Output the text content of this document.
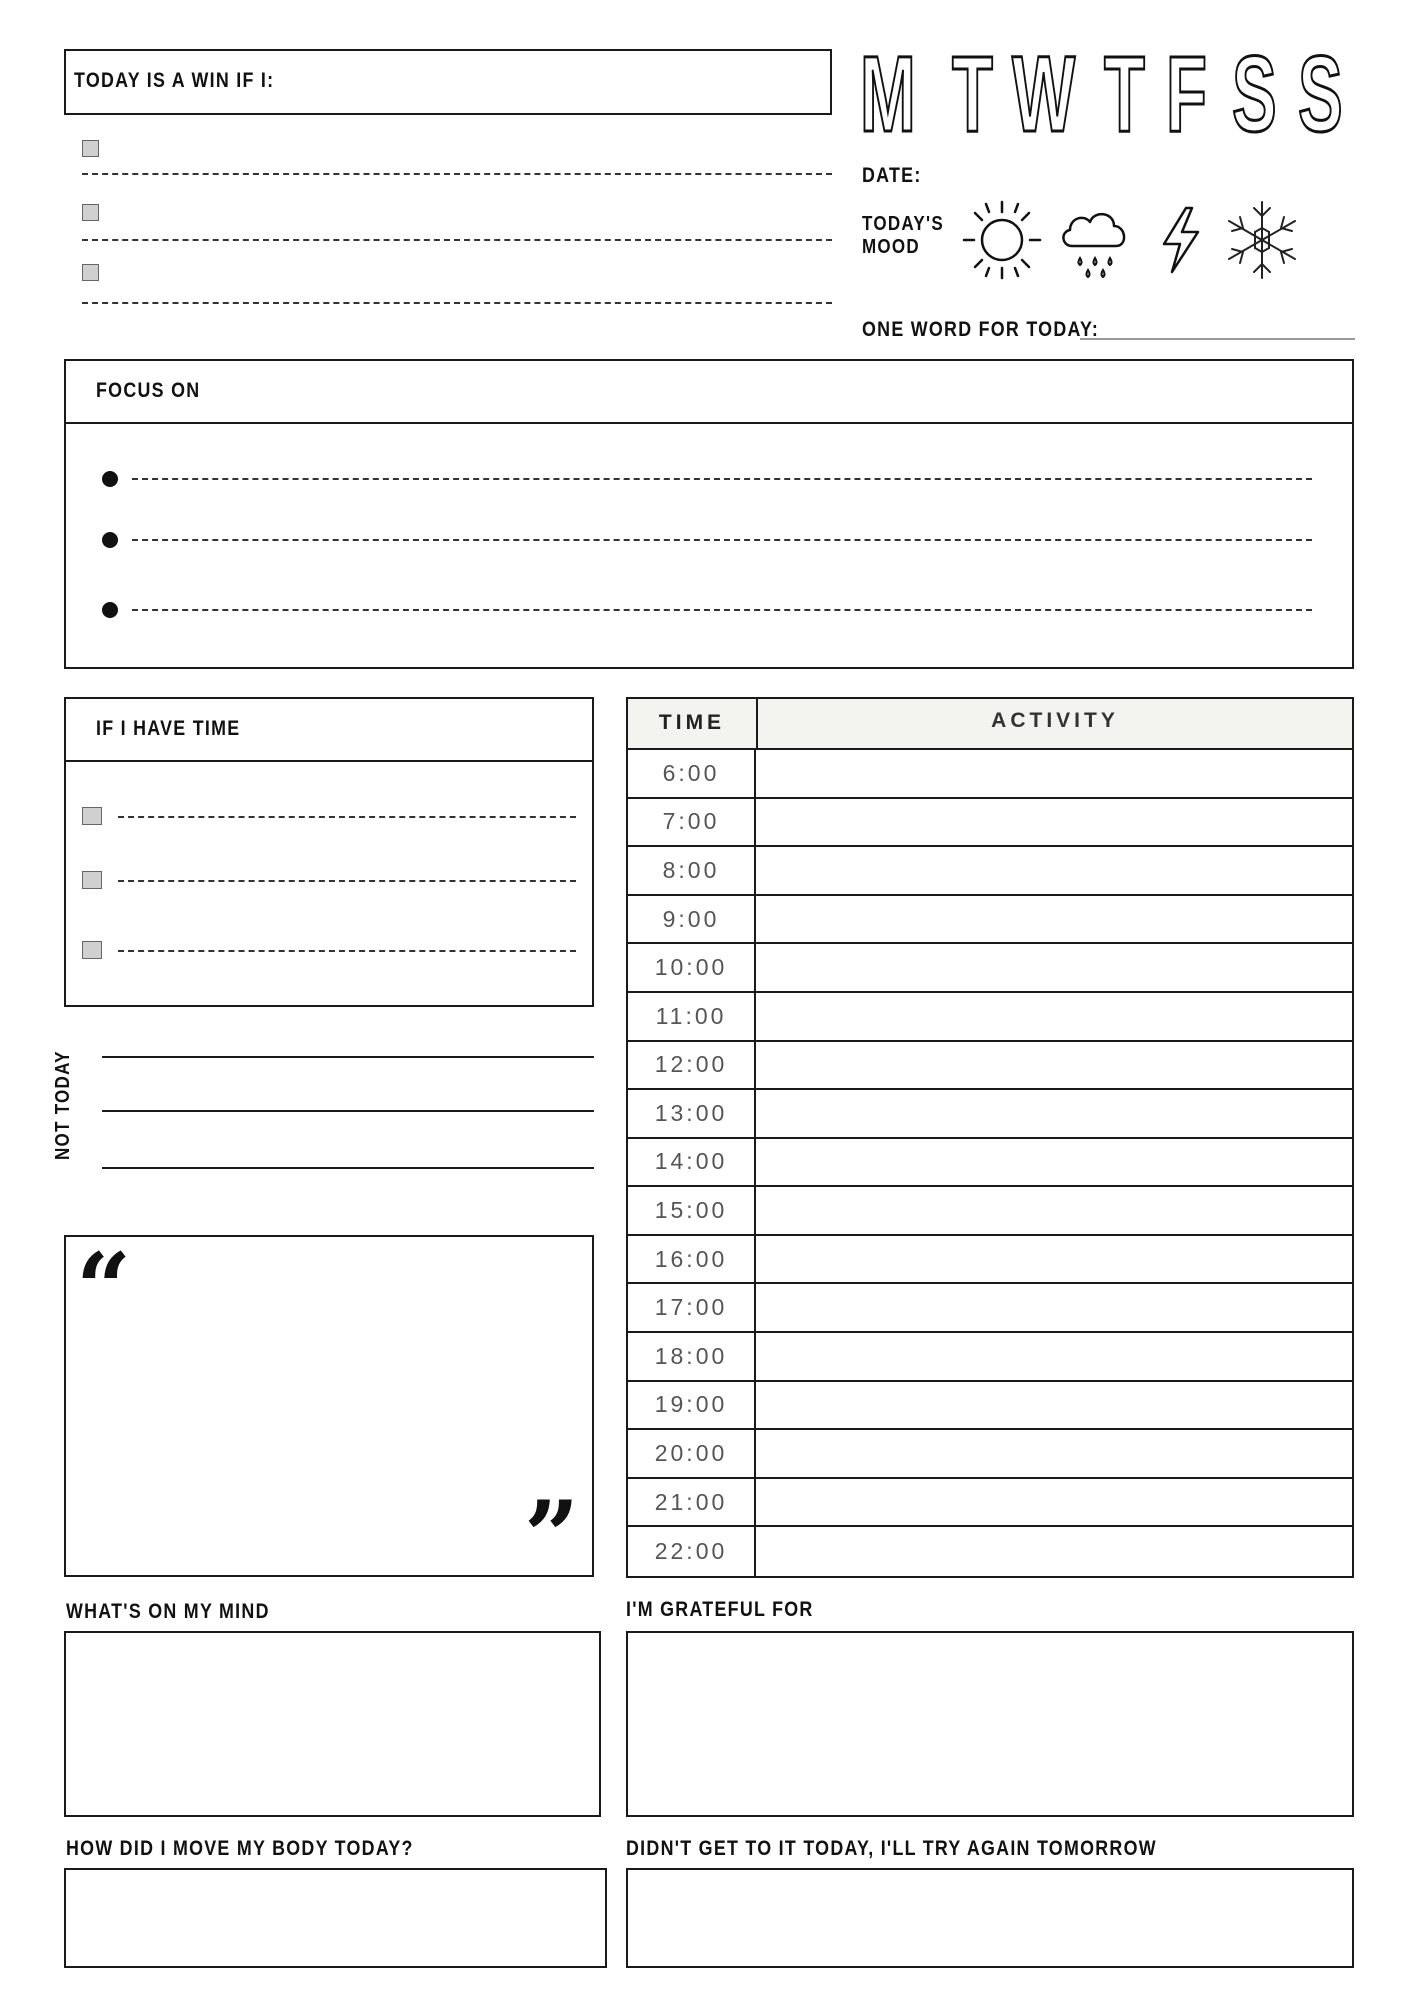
TODAY IS A WIN IF I:	M T W T F S S
DATE:
TODAY'S
MOOD
ONE WORD FOR TODAY:
FOCUS ON
IF I HAVE TIME
NOT TODAY
“
”
TIME	ACTIVITY
6:00
7:00
8:00
9:00
10:00
11:00
12:00
13:00
14:00
15:00
16:00
17:00
18:00
19:00
20:00
21:00
22:00
WHAT'S ON MY MIND	I'M GRATEFUL FOR
HOW DID I MOVE MY BODY TODAY?	DIDN'T GET TO IT TODAY, I'LL TRY AGAIN TOMORROW
